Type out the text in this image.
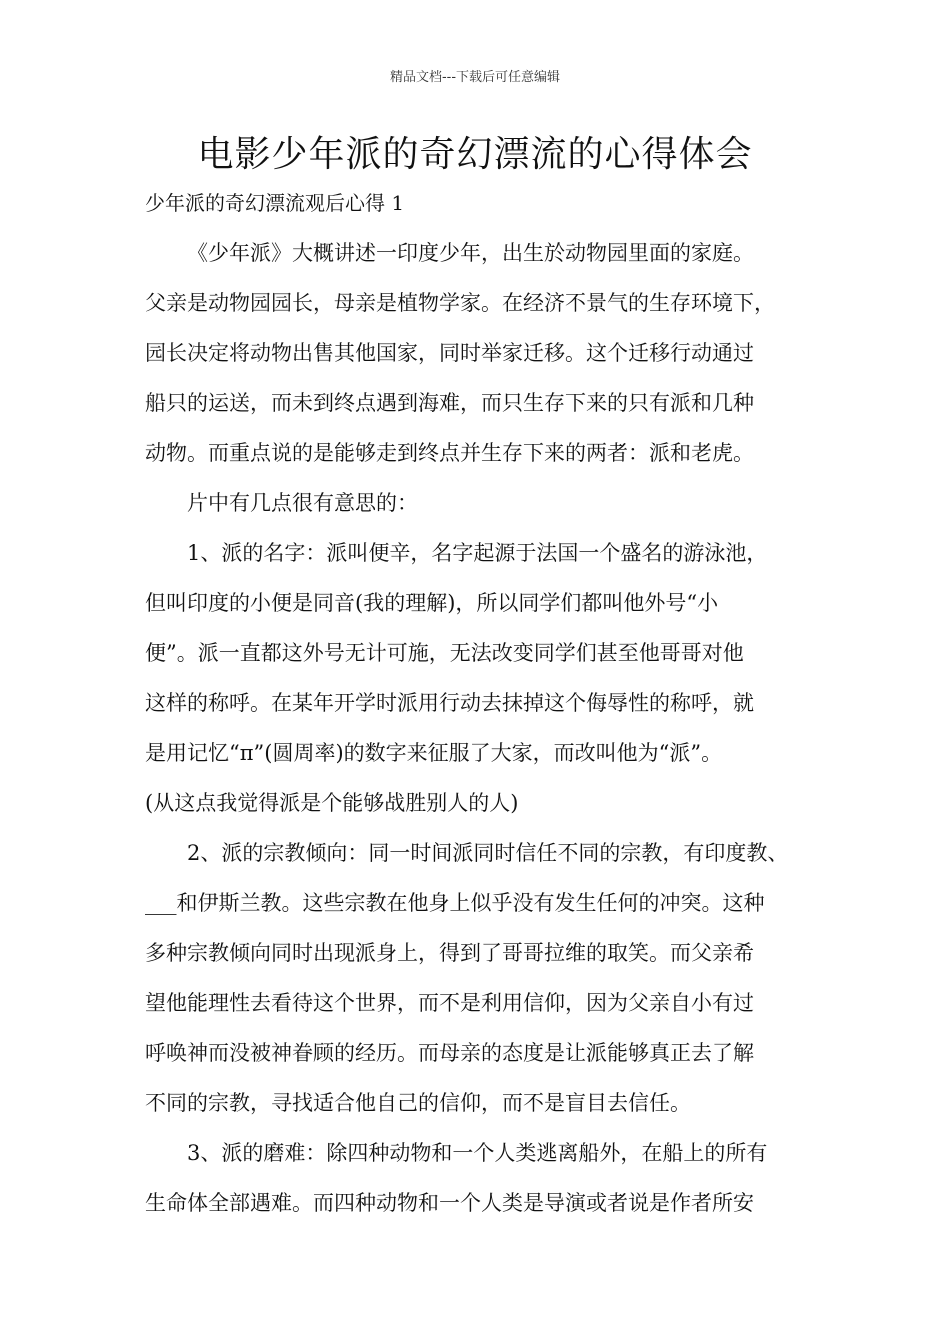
精品文档---下载后可任意编辑
电影少年派的奇幻漂流的心得体会
少年派的奇幻漂流观后心得 1
《少年派》大概讲述一印度少年，出生於动物园里面的家庭。
父亲是动物园园长，母亲是植物学家。在经济不景气的生存环境下，
园长决定将动物出售其他国家，同时举家迁移。这个迁移行动通过
船只的运送，而未到终点遇到海难，而只生存下来的只有派和几种
动物。而重点说的是能够走到终点并生存下来的两者：派和老虎。
片中有几点很有意思的：
1、派的名字：派叫便辛，名字起源于法国一个盛名的游泳池，
但叫印度的小便是同音(我的理解)，所以同学们都叫他外号“小
便”。派一直都这外号无计可施，无法改变同学们甚至他哥哥对他
这样的称呼。在某年开学时派用行动去抹掉这个侮辱性的称呼，就
是用记忆“π”(圆周率)的数字来征服了大家，而改叫他为“派”。
(从这点我觉得派是个能够战胜别人的人)
2、派的宗教倾向：同一时间派同时信任不同的宗教，有印度教、
___和伊斯兰教。这些宗教在他身上似乎没有发生任何的冲突。这种
多种宗教倾向同时出现派身上，得到了哥哥拉维的取笑。而父亲希
望他能理性去看待这个世界，而不是利用信仰，因为父亲自小有过
呼唤神而没被神眷顾的经历。而母亲的态度是让派能够真正去了解
不同的宗教，寻找适合他自己的信仰，而不是盲目去信任。
3、派的磨难：除四种动物和一个人类逃离船外，在船上的所有
生命体全部遇难。而四种动物和一个人类是导演或者说是作者所安
